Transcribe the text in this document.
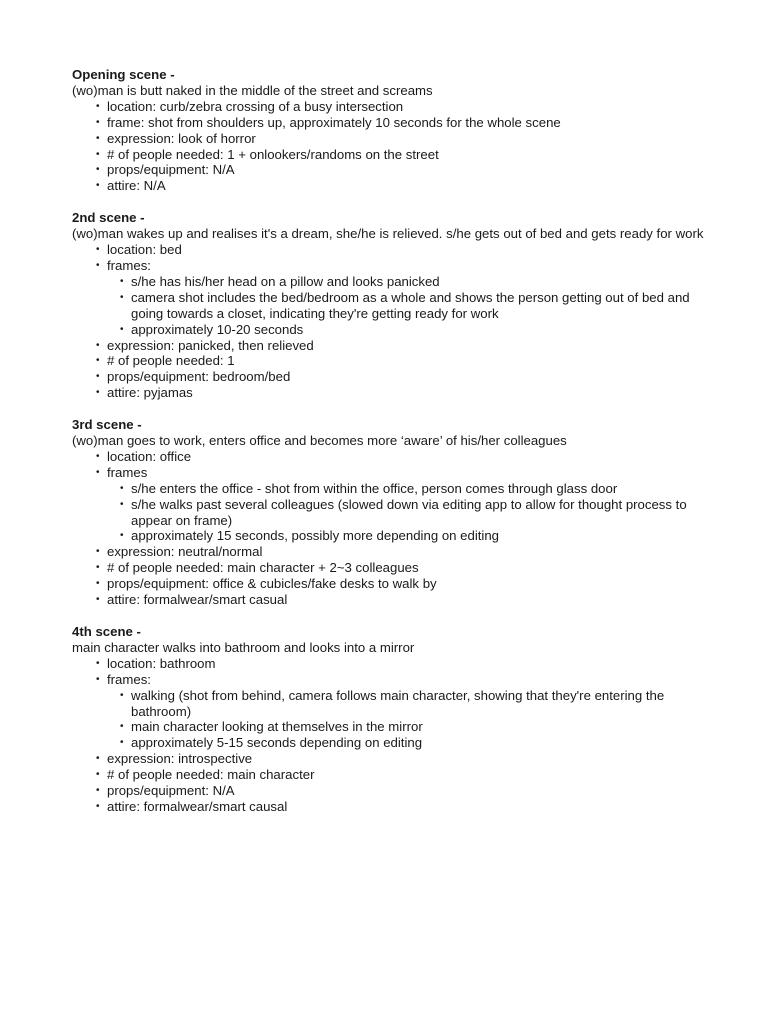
Opening scene -

(wo)man is butt naked in the middle of the street and screams

• location: curb/zebra crossing of a busy intersection
• frame: shot from shoulders up, approximately 10 seconds for the whole scene
• expression: look of horror
• # of people needed: 1 + onlookers/randoms on the street
• props/equipment: N/A
• attire: N/A

2nd scene -

(wo)man wakes up and realises it's a dream, she/he is relieved. s/he gets out of bed and gets ready for work

• location: bed
• frames:
• s/he has his/her head on a pillow and looks panicked
• camera shot includes the bed/bedroom as a whole and shows the person getting out of bed and going towards a closet, indicating they're getting ready for work
• approximately 10-20 seconds
• expression: panicked, then relieved
• # of people needed: 1
• props/equipment: bedroom/bed
• attire: pyjamas

3rd scene -

(wo)man goes to work, enters office and becomes more ‘aware’ of his/her colleagues

• location: office
• frames
• s/he enters the office - shot from within the office, person comes through glass door
• s/he walks past several colleagues (slowed down via editing app to allow for thought process to appear on frame)
• approximately 15 seconds, possibly more depending on editing
• expression: neutral/normal
• # of people needed: main character + 2~3 colleagues
• props/equipment: office & cubicles/fake desks to walk by
• attire: formalwear/smart casual

4th scene -

main character walks into bathroom and looks into a mirror

• location: bathroom
• frames:
• walking (shot from behind, camera follows main character, showing that they're entering the bathroom)
• main character looking at themselves in the mirror
• approximately 5-15 seconds depending on editing
• expression: introspective
• # of people needed: main character
• props/equipment: N/A
• attire: formalwear/smart causal
